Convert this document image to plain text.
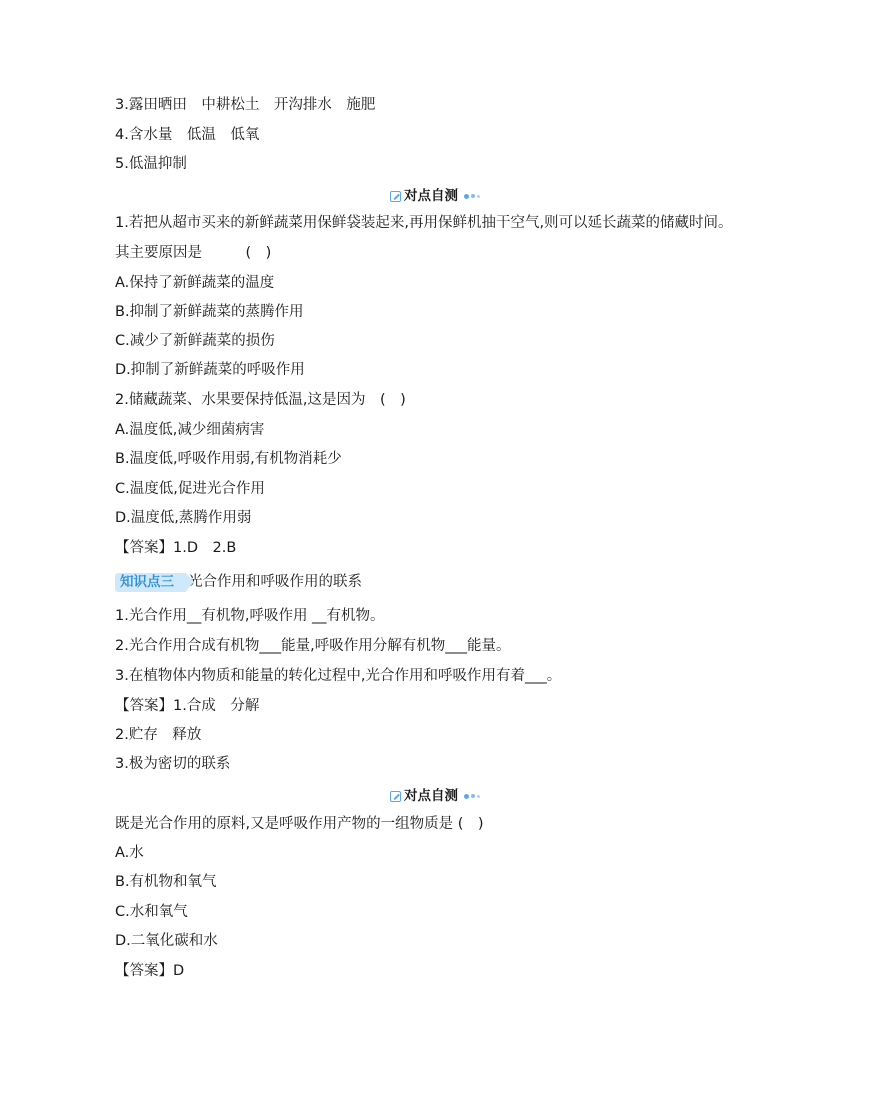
3.露田晒田　中耕松土　开沟排水　施肥
4.含水量　低温　低氧
5.低温抑制
对点自测
1.若把从超市买来的新鲜蔬菜用保鲜袋装起来,再用保鲜机抽干空气,则可以延长蔬菜的储藏时间。
其主要原因是　　　(　)
A.保持了新鲜蔬菜的温度
B.抑制了新鲜蔬菜的蒸腾作用
C.减少了新鲜蔬菜的损伤
D.抑制了新鲜蔬菜的呼吸作用
2.储藏蔬菜、水果要保持低温,这是因为　(　)
A.温度低,减少细菌病害
B.温度低,呼吸作用弱,有机物消耗少
C.温度低,促进光合作用
D.温度低,蒸腾作用弱
【答案】1.D　2.B
知识点三 光合作用和呼吸作用的联系
1.光合作用__有机物,呼吸作用 __有机物。
2.光合作用合成有机物___能量,呼吸作用分解有机物___能量。
3.在植物体内物质和能量的转化过程中,光合作用和呼吸作用有着___。
【答案】1.合成　分解
2.贮存　释放
3.极为密切的联系
对点自测
既是光合作用的原料,又是呼吸作用产物的一组物质是 (　)
A.水
B.有机物和氧气
C.水和氧气
D.二氧化碳和水
【答案】D
